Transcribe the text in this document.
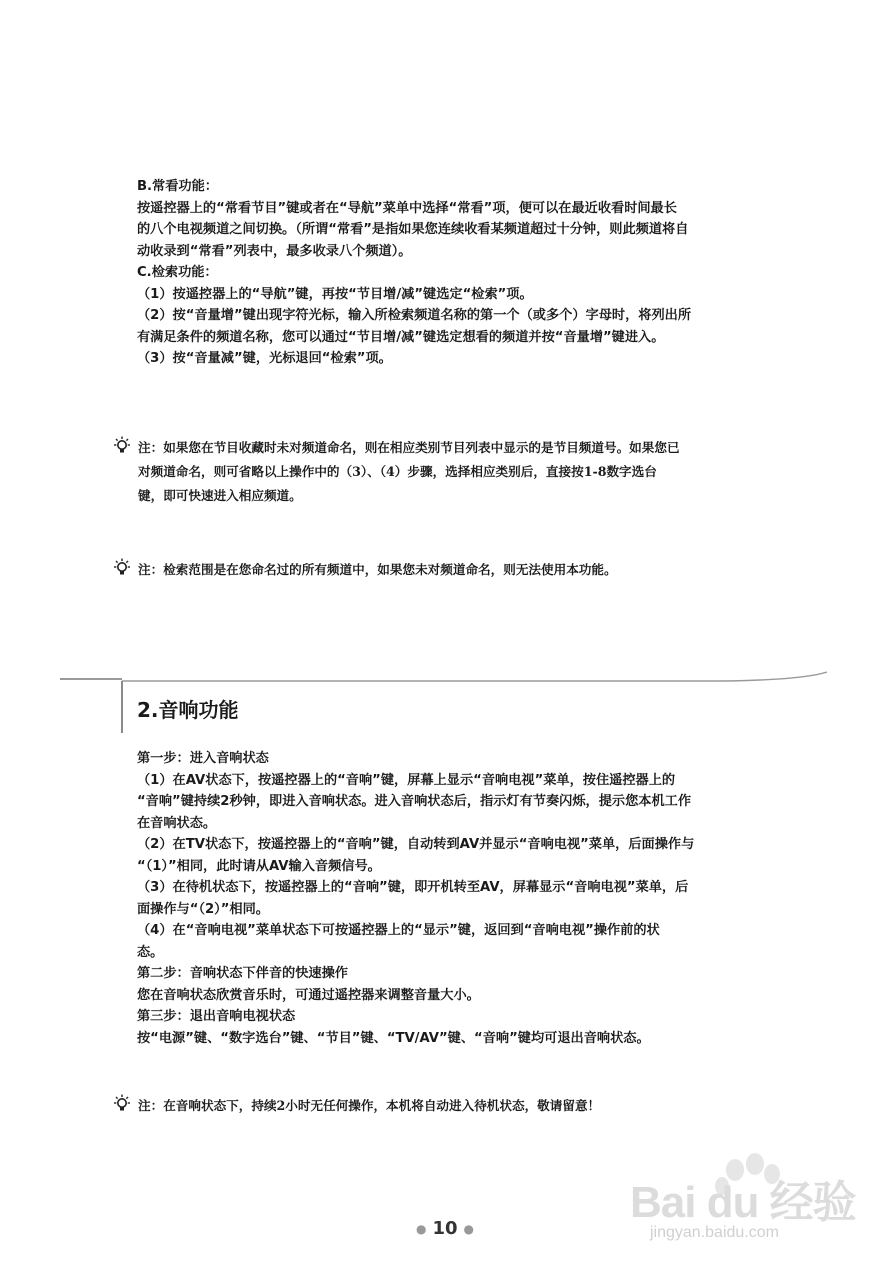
B.常看功能：

按遥控器上的“常看节目”键或者在“导航”菜单中选择“常看”项，便可以在最近收看时间最长

的八个电视频道之间切换。（所谓“常看”是指如果您连续收看某频道超过十分钟，则此频道将自

动收录到“常看”列表中，最多收录八个频道）。

C.检索功能：

（1）按遥控器上的“导航”键，再按“节目增/减”键选定“检索”项。

（2）按“音量增”键出现字符光标，输入所检索频道名称的第一个（或多个）字母时，将列出所

有满足条件的频道名称，您可以通过“节目增/减”键选定想看的频道并按“音量增”键进入。

（3）按“音量减”键，光标退回“检索”项。

注：如果您在节目收藏时未对频道命名，则在相应类别节目列表中显示的是节目频道号。如果您已
对频道命名，则可省略以上操作中的（3）、（4）步骤，选择相应类别后，直接按1-8数字选台
键，即可快速进入相应频道。
注：检索范围是在您命名过的所有频道中，如果您未对频道命名，则无法使用本功能。
2.音响功能
第一步：进入音响状态

（1）在AV状态下，按遥控器上的“音响”键，屏幕上显示“音响电视”菜单，按住遥控器上的

“音响”键持续2秒钟，即进入音响状态。进入音响状态后，指示灯有节奏闪烁，提示您本机工作

在音响状态。

（2）在TV状态下，按遥控器上的“音响”键，自动转到AV并显示“音响电视”菜单，后面操作与

“（1）”相同，此时请从AV输入音频信号。

（3）在待机状态下，按遥控器上的“音响”键，即开机转至AV，屏幕显示“音响电视”菜单，后

面操作与“（2）”相同。

（4）在“音响电视”菜单状态下可按遥控器上的“显示”键，返回到“音响电视”操作前的状

态。

第二步：音响状态下伴音的快速操作

您在音响状态欣赏音乐时，可通过遥控器来调整音量大小。

第三步：退出音响电视状态

按“电源”键、“数字选台”键、“节目”键、“TV/AV”键、“音响”键均可退出音响状态。

注：在音响状态下，持续2小时无任何操作，本机将自动进入待机状态，敬请留意！
Bai du 经验
jingyan.baidu.com
● 10 ●
